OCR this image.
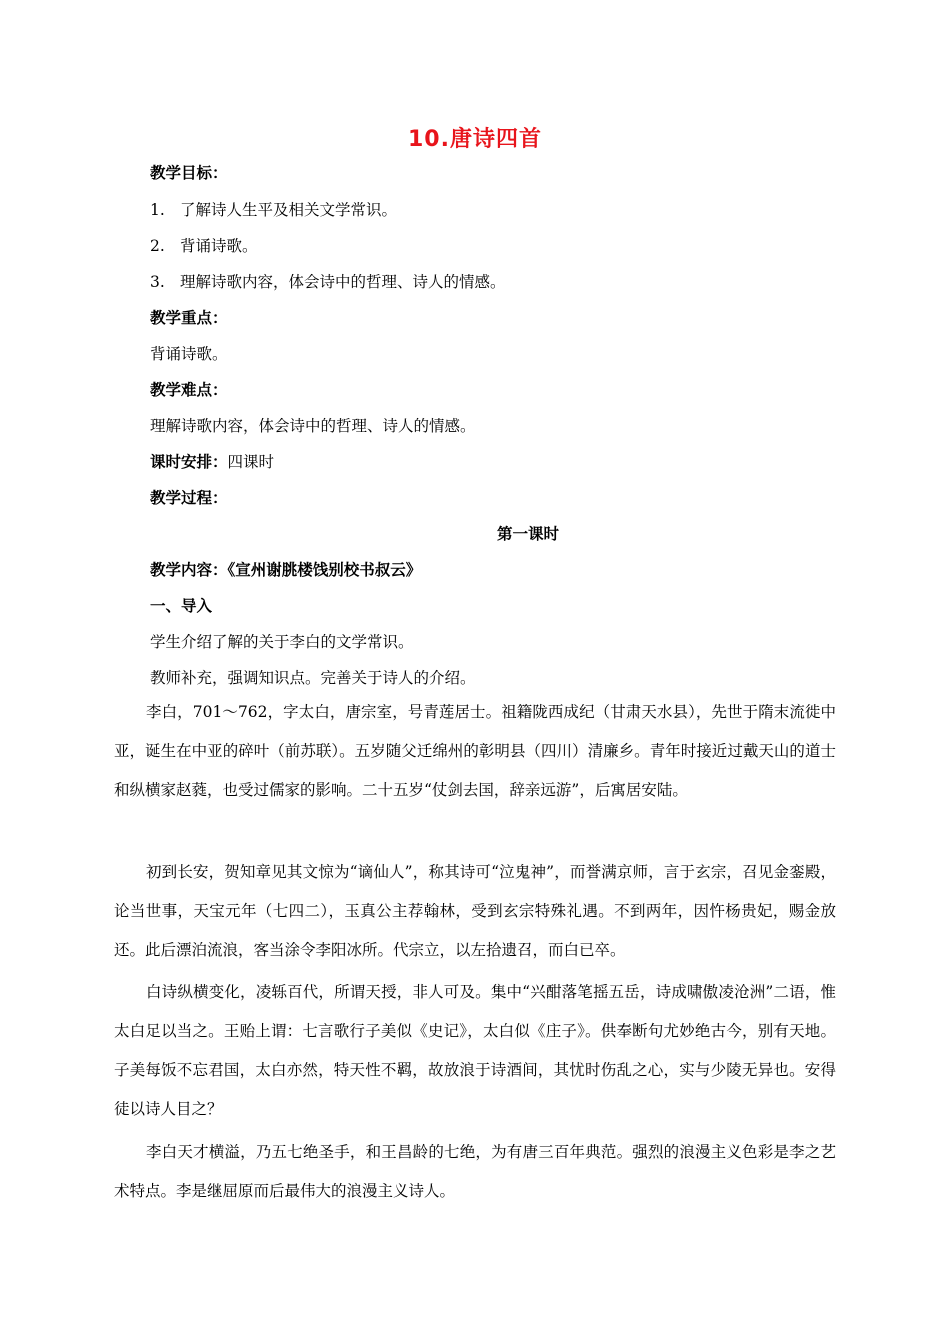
10.唐诗四首
教学目标：
1. 了解诗人生平及相关文学常识。
2. 背诵诗歌。
3. 理解诗歌内容，体会诗中的哲理、诗人的情感。
教学重点：
背诵诗歌。
教学难点：
理解诗歌内容，体会诗中的哲理、诗人的情感。
课时安排：四课时
教学过程：
第一课时
教学内容：《宣州谢朓楼饯别校书叔云》
一、导入
学生介绍了解的关于李白的文学常识。
教师补充，强调知识点。完善关于诗人的介绍。
李白，701～762，字太白，唐宗室，号青莲居士。祖籍陇西成纪（甘肃天水县），先世于隋末流徙中亚，诞生在中亚的碎叶（前苏联）。五岁随父迁绵州的彰明县（四川）清廉乡。青年时接近过戴天山的道士和纵横家赵蕤，也受过儒家的影响。二十五岁“仗剑去国，辞亲远游”，后寓居安陆。
初到长安，贺知章见其文惊为“谪仙人”，称其诗可“泣鬼神”，而誉满京师，言于玄宗，召见金銮殿，论当世事，天宝元年（七四二），玉真公主荐翰林，受到玄宗特殊礼遇。不到两年，因忤杨贵妃，赐金放还。此后漂泊流浪，客当涂令李阳冰所。代宗立，以左拾遗召，而白已卒。
白诗纵横变化，凌轹百代，所谓天授，非人可及。集中“兴酣落笔摇五岳，诗成啸傲凌沧洲”二语，惟太白足以当之。王贻上谓：七言歌行子美似《史记》，太白似《庄子》。供奉断句尤妙绝古今，别有天地。子美每饭不忘君国，太白亦然，特天性不羁，故放浪于诗酒间，其忧时伤乱之心，实与少陵无异也。安得徒以诗人目之？
李白天才横溢，乃五七绝圣手，和王昌龄的七绝，为有唐三百年典范。强烈的浪漫主义色彩是李之艺术特点。李是继屈原而后最伟大的浪漫主义诗人。
